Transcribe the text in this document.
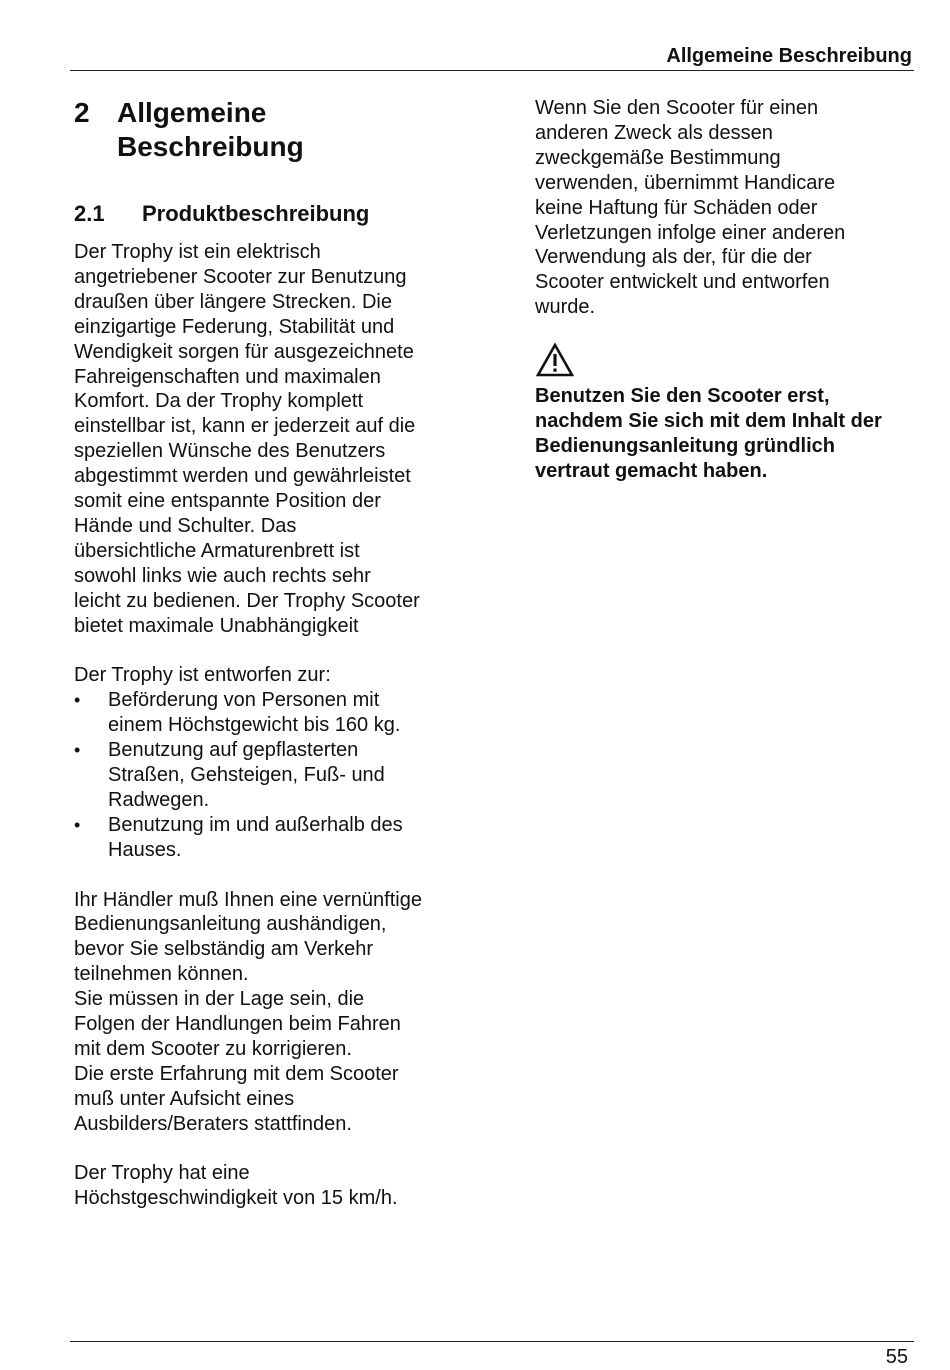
Allgemeine Beschreibung
2 Allgemeine
Beschreibung
2.1	Produktbeschreibung

Der Trophy ist ein elektrisch
angetriebener Scooter zur Benutzung
draußen über längere Strecken. Die
einzigartige Federung, Stabilität und
Wendigkeit sorgen für ausgezeichnete
Fahreigenschaften und maximalen
Komfort. Da der Trophy komplett
einstellbar ist, kann er jederzeit auf die
speziellen Wünsche des Benutzers
abgestimmt werden und gewährleistet
somit eine entspannte Position der
Hände und Schulter. Das
übersichtliche Armaturenbrett ist
sowohl links wie auch rechts sehr
leicht zu bedienen. Der Trophy Scooter
bietet maximale Unabhängigkeit

Der Trophy ist entworfen zur:

• Beförderung von Personen mit
einem Höchstgewicht bis 160 kg.
• Benutzung auf gepflasterten
Straßen, Gehsteigen, Fuß- und
Radwegen.
• Benutzung im und außerhalb des
Hauses.

Ihr Händler muß Ihnen eine vernünftige
Bedienungsanleitung aushändigen,
bevor Sie selbständig am Verkehr
teilnehmen können.
Sie müssen in der Lage sein, die
Folgen der Handlungen beim Fahren
mit dem Scooter zu korrigieren.
Die erste Erfahrung mit dem Scooter
muß unter Aufsicht eines
Ausbilders/Beraters stattfinden.

Der Trophy hat eine
Höchstgeschwindigkeit von 15 km/h.

Wenn Sie den Scooter für einen
anderen Zweck als dessen
zweckgemäße Bestimmung
verwenden, übernimmt Handicare
keine Haftung für Schäden oder
Verletzungen infolge einer anderen
Verwendung als der, für die der
Scooter entwickelt und entworfen
wurde.

Benutzen Sie den Scooter erst,
nachdem Sie sich mit dem Inhalt der
Bedienungsanleitung gründlich
vertraut gemacht haben.

55
